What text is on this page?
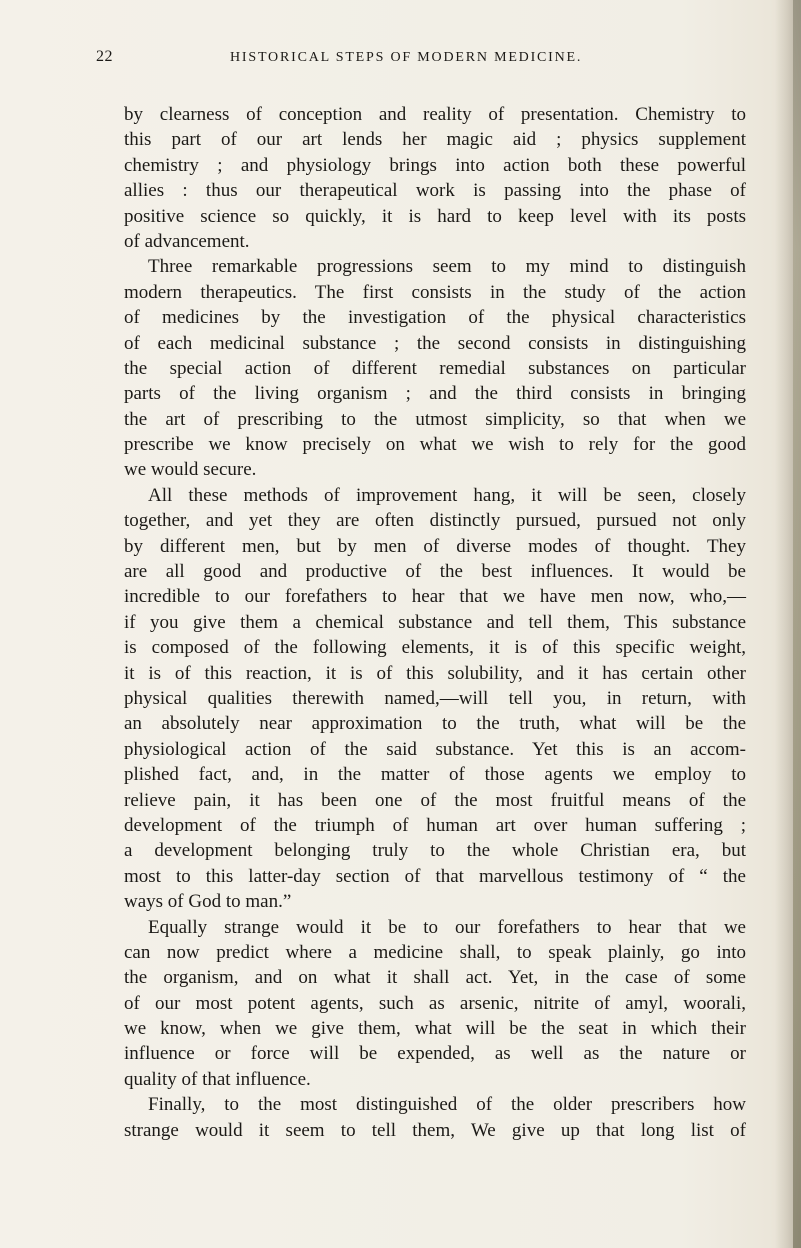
22	HISTORICAL STEPS OF MODERN MEDICINE.
by clearness of conception and reality of presentation. Chemistry to
this part of our art lends her magic aid ; physics supplement
chemistry ; and physiology brings into action both these powerful
allies : thus our therapeutical work is passing into the phase of
positive science so quickly, it is hard to keep level with its posts
of advancement.
Three remarkable progressions seem to my mind to distinguish
modern therapeutics. The first consists in the study of the action
of medicines by the investigation of the physical characteristics
of each medicinal substance ; the second consists in distinguishing
the special action of different remedial substances on particular
parts of the living organism ; and the third consists in bringing
the art of prescribing to the utmost simplicity, so that when we
prescribe we know precisely on what we wish to rely for the good
we would secure.
All these methods of improvement hang, it will be seen, closely
together, and yet they are often distinctly pursued, pursued not only
by different men, but by men of diverse modes of thought. They
are all good and productive of the best influences. It would be
incredible to our forefathers to hear that we have men now, who,—
if you give them a chemical substance and tell them, This substance
is composed of the following elements, it is of this specific weight,
it is of this reaction, it is of this solubility, and it has certain other
physical qualities therewith named,—will tell you, in return, with
an absolutely near approximation to the truth, what will be the
physiological action of the said substance. Yet this is an accom-
plished fact, and, in the matter of those agents we employ to
relieve pain, it has been one of the most fruitful means of the
development of the triumph of human art over human suffering ;
a development belonging truly to the whole Christian era, but
most to this latter-day section of that marvellous testimony of “ the
ways of God to man.”
Equally strange would it be to our forefathers to hear that we
can now predict where a medicine shall, to speak plainly, go into
the organism, and on what it shall act. Yet, in the case of some
of our most potent agents, such as arsenic, nitrite of amyl, woorali,
we know, when we give them, what will be the seat in which their
influence or force will be expended, as well as the nature or
quality of that influence.
Finally, to the most distinguished of the older prescribers how
strange would it seem to tell them, We give up that long list of
